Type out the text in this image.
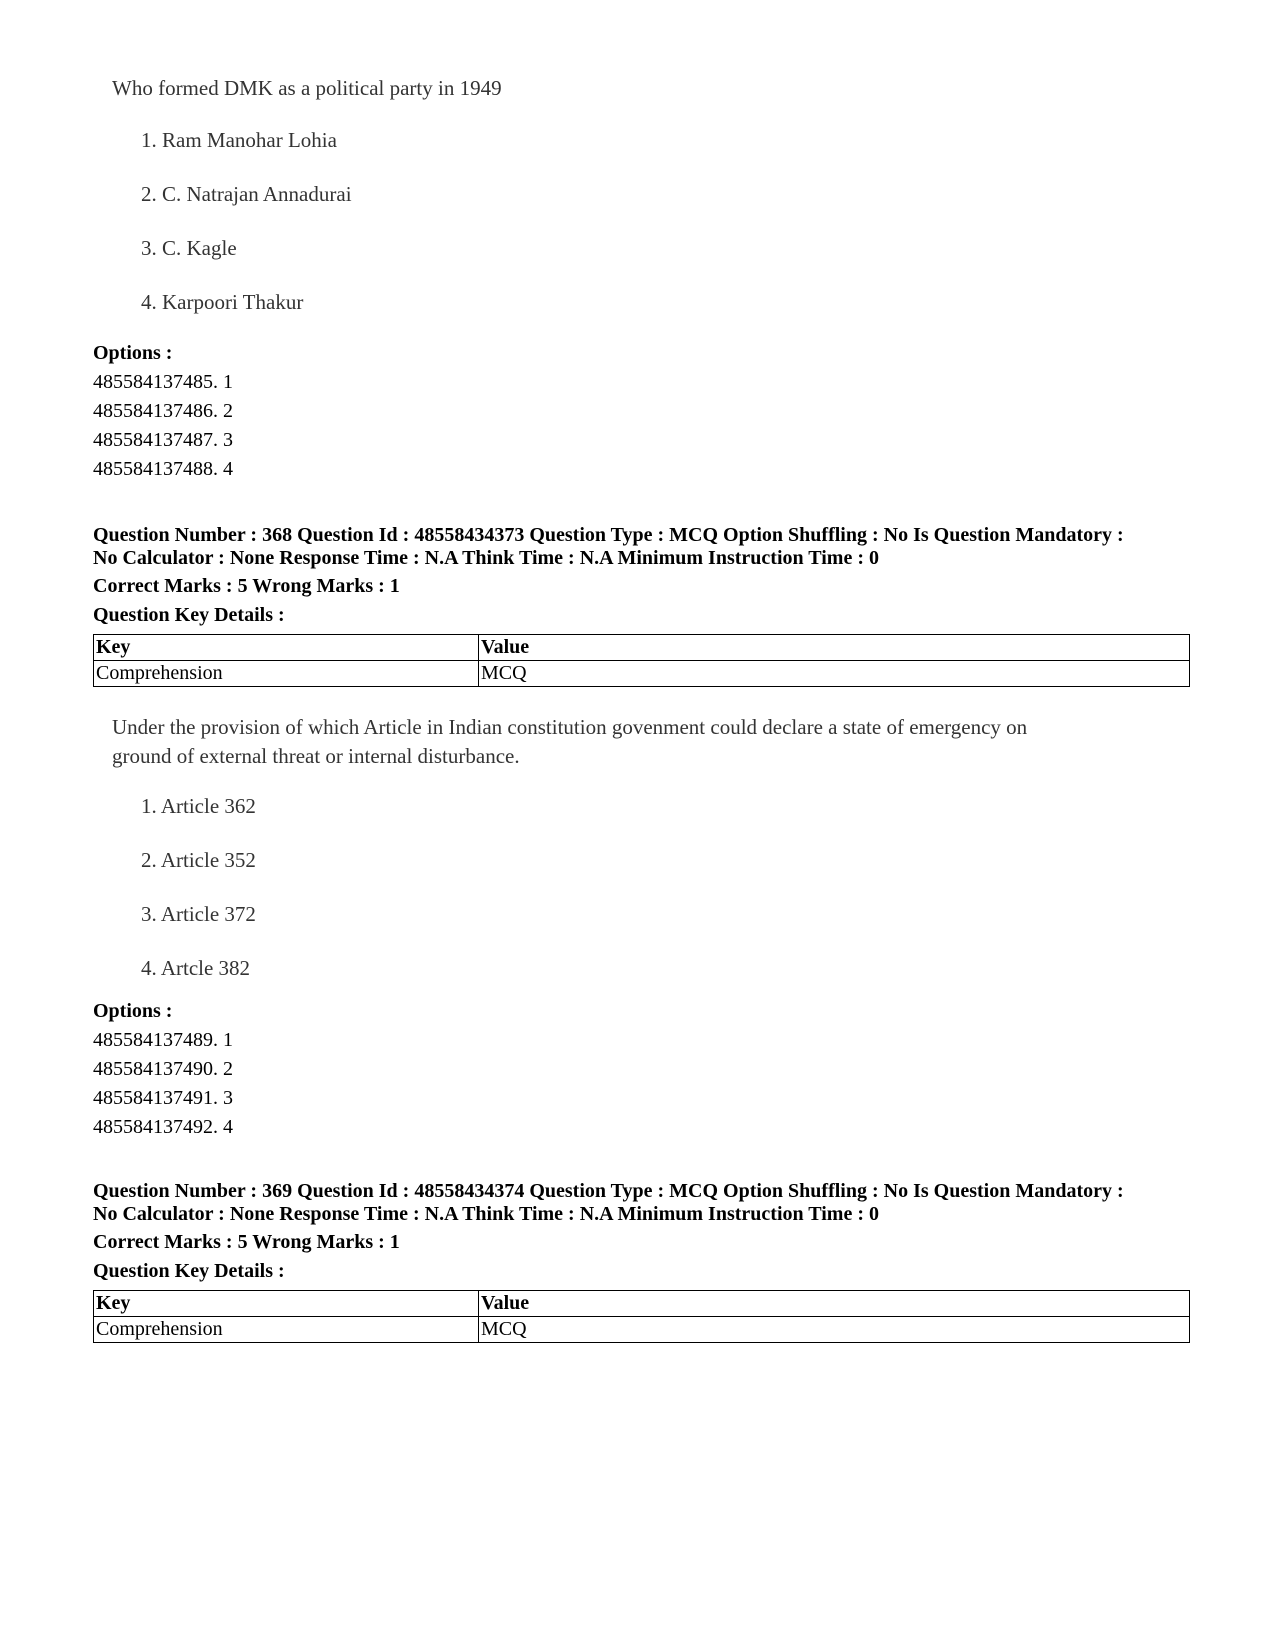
Who formed DMK as a political party in 1949
1. Ram Manohar Lohia
2. C. Natrajan Annadurai
3. C. Kagle
4. Karpoori Thakur
Options :
485584137485. 1
485584137486. 2
485584137487. 3
485584137488. 4
Question Number : 368 Question Id : 48558434373 Question Type : MCQ Option Shuffling : No Is Question Mandatory :
No Calculator : None Response Time : N.A Think Time : N.A Minimum Instruction Time : 0
Correct Marks : 5 Wrong Marks : 1
Question Key Details :
Key	Value
Comprehension	MCQ
Under the provision of which Article in Indian constitution govenment could declare a state of emergency on
ground of external threat or internal disturbance.
1. Article 362
2. Article 352
3. Article 372
4. Artcle 382
Options :
485584137489. 1
485584137490. 2
485584137491. 3
485584137492. 4
Question Number : 369 Question Id : 48558434374 Question Type : MCQ Option Shuffling : No Is Question Mandatory :
No Calculator : None Response Time : N.A Think Time : N.A Minimum Instruction Time : 0
Correct Marks : 5 Wrong Marks : 1
Question Key Details :
Key	Value
Comprehension	MCQ
